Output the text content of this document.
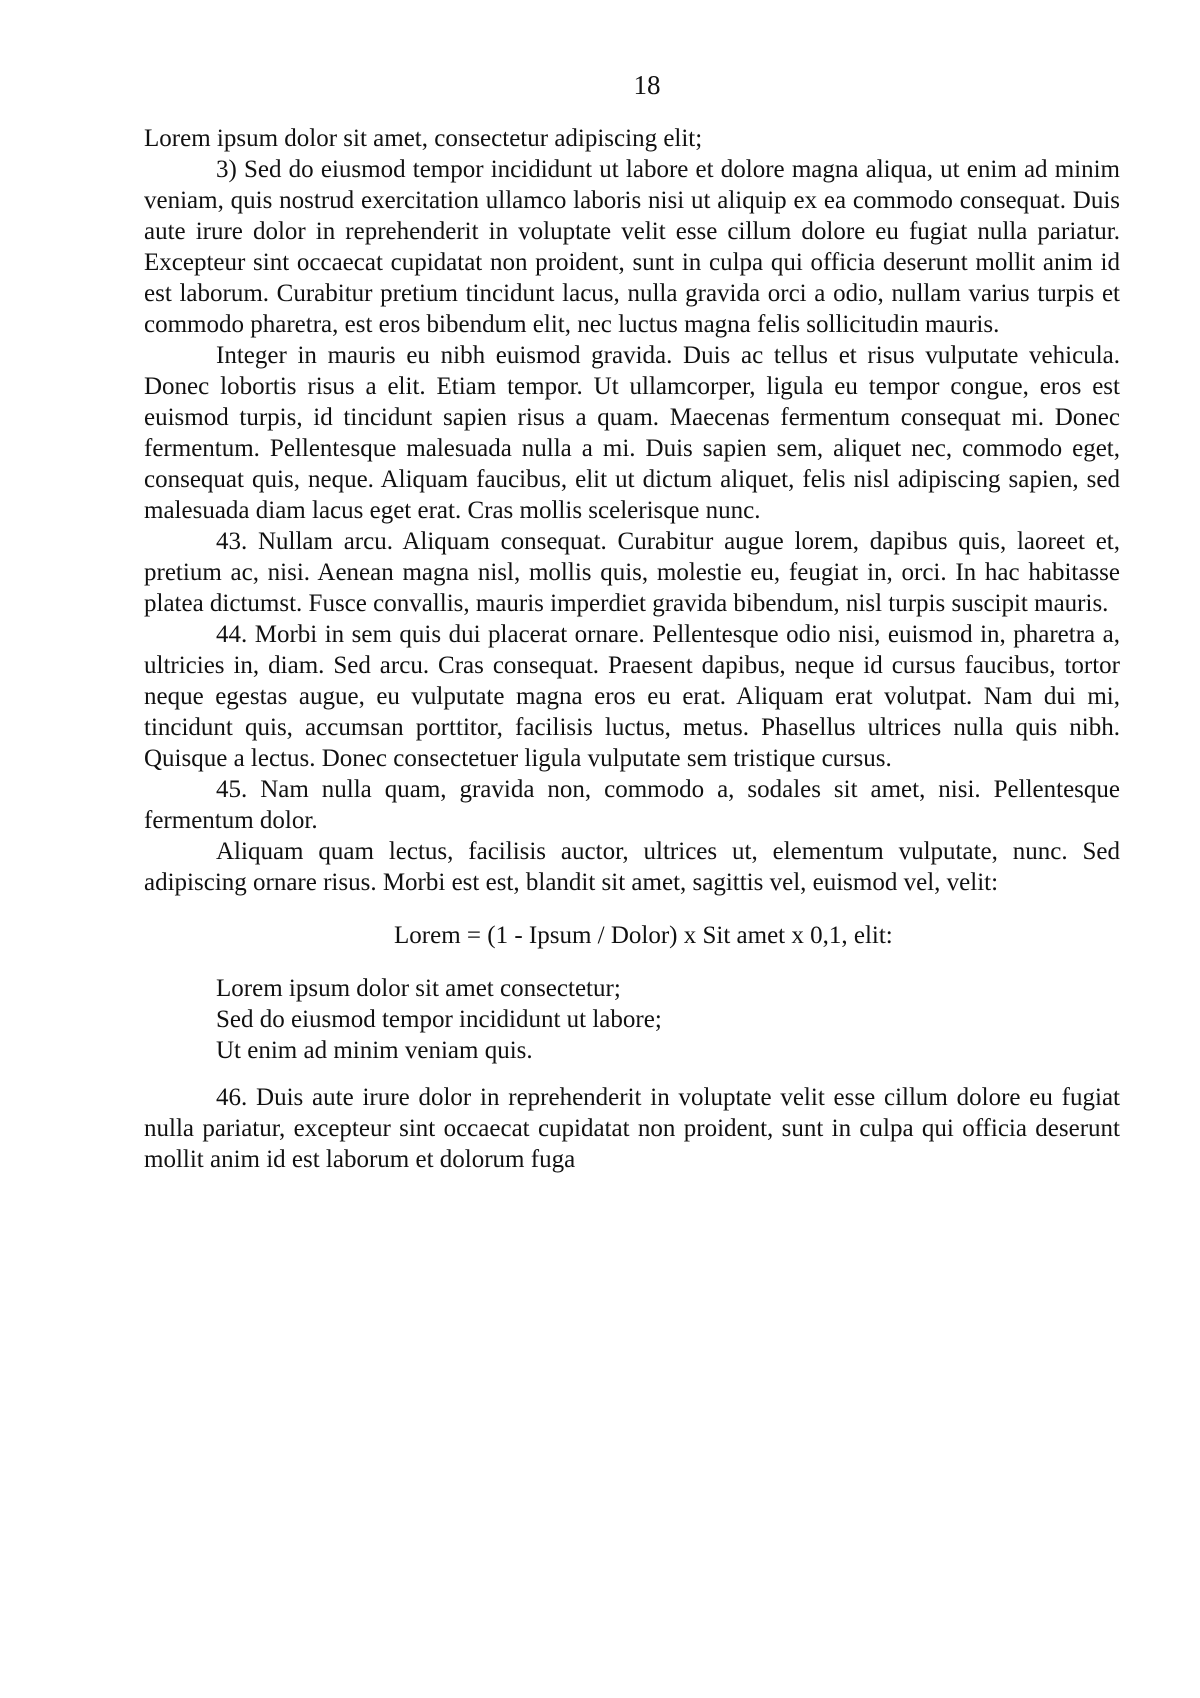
18

Lorem ipsum dolor sit amet, consectetur adipiscing elit;

3) Sed do eiusmod tempor incididunt ut labore et dolore magna aliqua, ut enim ad minim veniam, quis nostrud exercitation ullamco laboris nisi ut aliquip ex ea commodo consequat. Duis aute irure dolor in reprehenderit in voluptate velit esse cillum dolore eu fugiat nulla pariatur. Excepteur sint occaecat cupidatat non proident, sunt in culpa qui officia deserunt mollit anim id est laborum. Curabitur pretium tincidunt lacus, nulla gravida orci a odio, nullam varius turpis et commodo pharetra, est eros bibendum elit, nec luctus magna felis sollicitudin mauris.

Integer in mauris eu nibh euismod gravida. Duis ac tellus et risus vulputate vehicula. Donec lobortis risus a elit. Etiam tempor. Ut ullamcorper, ligula eu tempor congue, eros est euismod turpis, id tincidunt sapien risus a quam. Maecenas fermentum consequat mi. Donec fermentum. Pellentesque malesuada nulla a mi. Duis sapien sem, aliquet nec, commodo eget, consequat quis, neque. Aliquam faucibus, elit ut dictum aliquet, felis nisl adipiscing sapien, sed malesuada diam lacus eget erat. Cras mollis scelerisque nunc.

43. Nullam arcu. Aliquam consequat. Curabitur augue lorem, dapibus quis, laoreet et, pretium ac, nisi. Aenean magna nisl, mollis quis, molestie eu, feugiat in, orci. In hac habitasse platea dictumst. Fusce convallis, mauris imperdiet gravida bibendum, nisl turpis suscipit mauris.

44. Morbi in sem quis dui placerat ornare. Pellentesque odio nisi, euismod in, pharetra a, ultricies in, diam. Sed arcu. Cras consequat. Praesent dapibus, neque id cursus faucibus, tortor neque egestas augue, eu vulputate magna eros eu erat. Aliquam erat volutpat. Nam dui mi, tincidunt quis, accumsan porttitor, facilisis luctus, metus. Phasellus ultrices nulla quis nibh. Quisque a lectus. Donec consectetuer ligula vulputate sem tristique cursus.

45. Nam nulla quam, gravida non, commodo a, sodales sit amet, nisi. Pellentesque fermentum dolor.

Aliquam quam lectus, facilisis auctor, ultrices ut, elementum vulputate, nunc. Sed adipiscing ornare risus. Morbi est est, blandit sit amet, sagittis vel, euismod vel, velit:

Lorem = (1 - Ipsum / Dolor) x Sit amet x 0,1, elit:

Lorem ipsum dolor sit amet consectetur;

Sed do eiusmod tempor incididunt ut labore;

Ut enim ad minim veniam quis.

46. Duis aute irure dolor in reprehenderit in voluptate velit esse cillum dolore eu fugiat nulla pariatur, excepteur sint occaecat cupidatat non proident, sunt in culpa qui officia deserunt mollit anim id est laborum et dolorum fuga
